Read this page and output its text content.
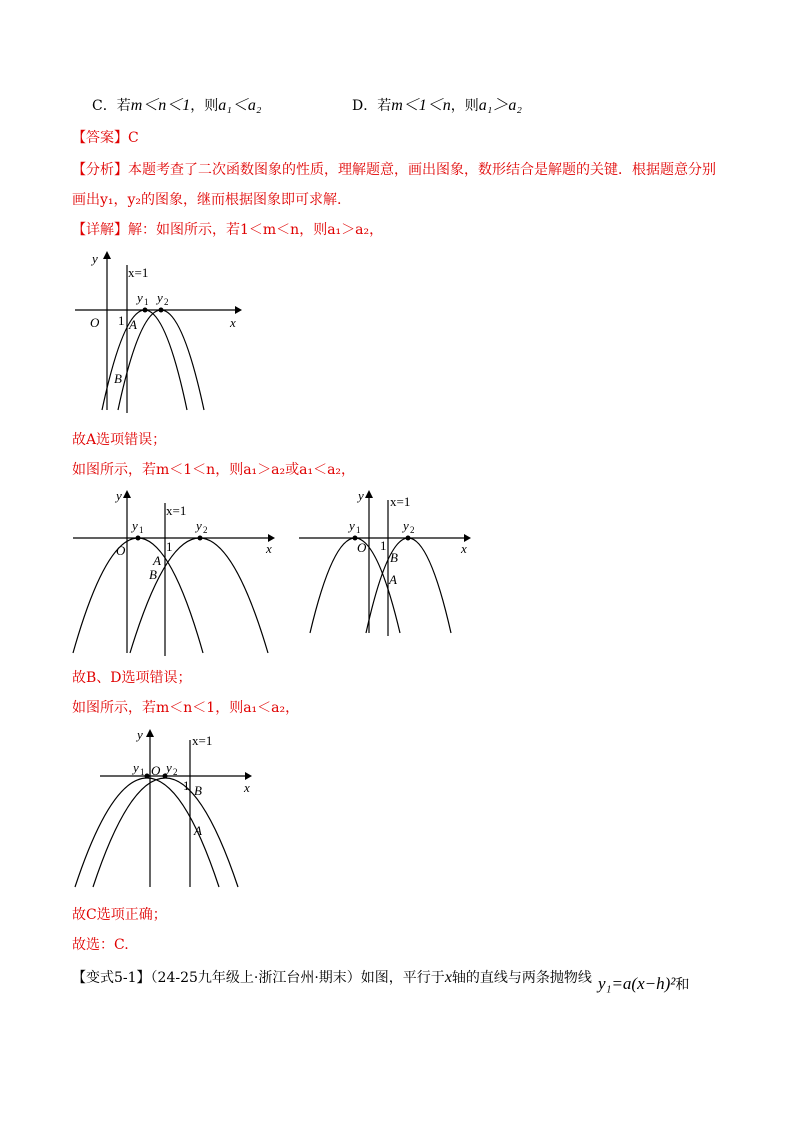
C．若m＜n＜1，则a₁＜a₂	D．若m＜1＜n，则a₁＞a₂
【答案】C
【分析】本题考查了二次函数图象的性质，理解题意，画出图象，数形结合是解题的关键．根据题意分别
画出y₁，y₂的图象，继而根据图象即可求解.
【详解】解：如图所示，若1＜m＜n，则a₁＞a₂，
y
x
O 1
x=1
y 1 y 2
A
B
故A选项错误；
如图所示，若m＜1＜n，则a₁＞a₂或a₁＜a₂，
y
x
O	1
x=1
y 1	y 2
A
B
y
x
O 1
x=1
y 1	y 2
B
A
故B、D选项错误；
如图所示，若m＜n＜1，则a₁＜a₂，
y
x
O
1
x=1
y 1 y 2
B
A
故C选项正确；
故选：C.
【变式5-1】（24-25九年级上·浙江台州·期末）如图，平行于x轴的直线与两条抛物线 y₁=a(x−h)²和
